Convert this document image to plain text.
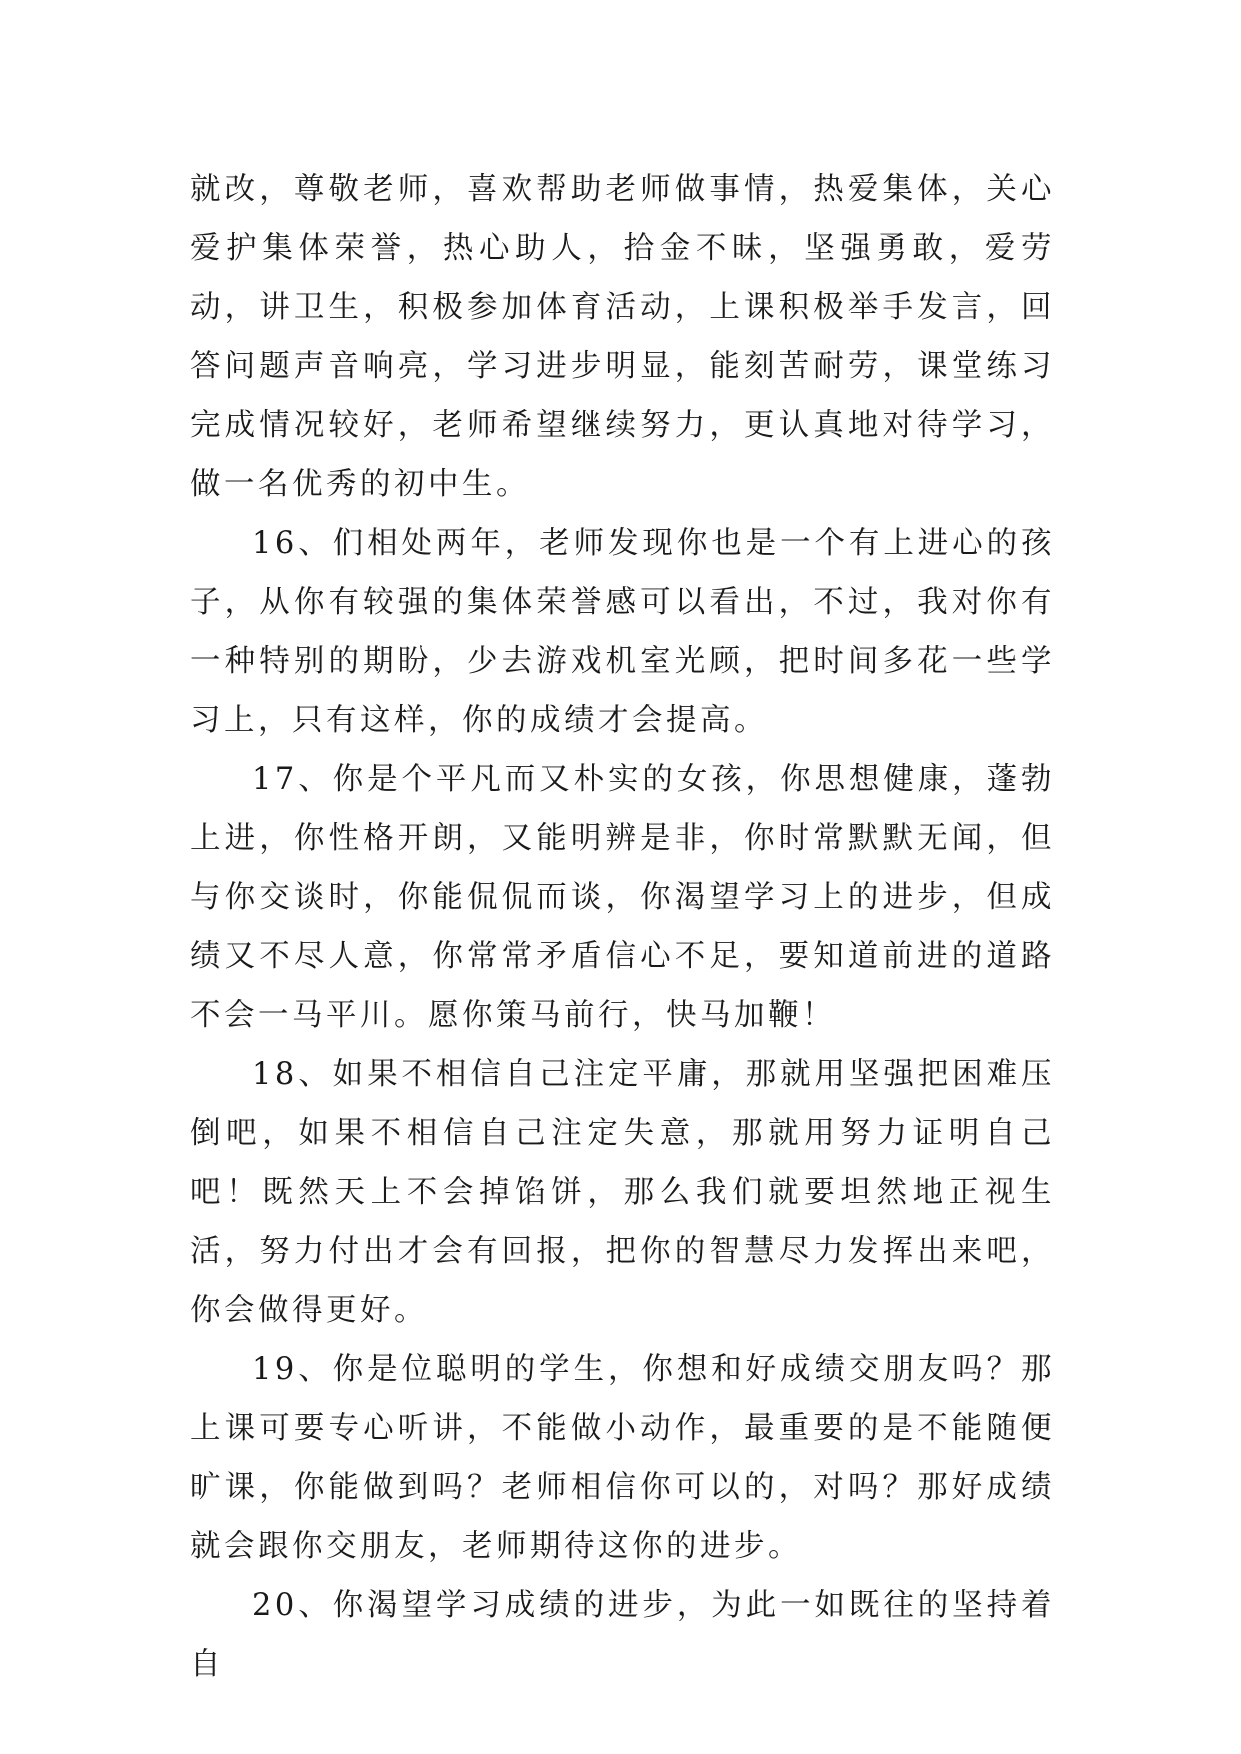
就改，尊敬老师，喜欢帮助老师做事情，热爱集体，关心爱护集体荣誉，热心助人，拾金不昧，坚强勇敢，爱劳动，讲卫生，积极参加体育活动，上课积极举手发言，回答问题声音响亮，学习进步明显，能刻苦耐劳，课堂练习完成情况较好，老师希望继续努力，更认真地对待学习，做一名优秀的初中生。

16、们相处两年，老师发现你也是一个有上进心的孩子，从你有较强的集体荣誉感可以看出，不过，我对你有一种特别的期盼，少去游戏机室光顾，把时间多花一些学习上，只有这样，你的成绩才会提高。

17、你是个平凡而又朴实的女孩，你思想健康，蓬勃上进，你性格开朗，又能明辨是非，你时常默默无闻，但与你交谈时，你能侃侃而谈，你渴望学习上的进步，但成绩又不尽人意，你常常矛盾信心不足，要知道前进的道路不会一马平川。愿你策马前行，快马加鞭！

18、如果不相信自己注定平庸，那就用坚强把困难压倒吧，如果不相信自己注定失意，那就用努力证明自己吧！既然天上不会掉馅饼，那么我们就要坦然地正视生活，努力付出才会有回报，把你的智慧尽力发挥出来吧，你会做得更好。

19、你是位聪明的学生，你想和好成绩交朋友吗？那上课可要专心听讲，不能做小动作，最重要的是不能随便旷课，你能做到吗？老师相信你可以的，对吗？那好成绩就会跟你交朋友，老师期待这你的进步。

20、你渴望学习成绩的进步，为此一如既往的坚持着自
